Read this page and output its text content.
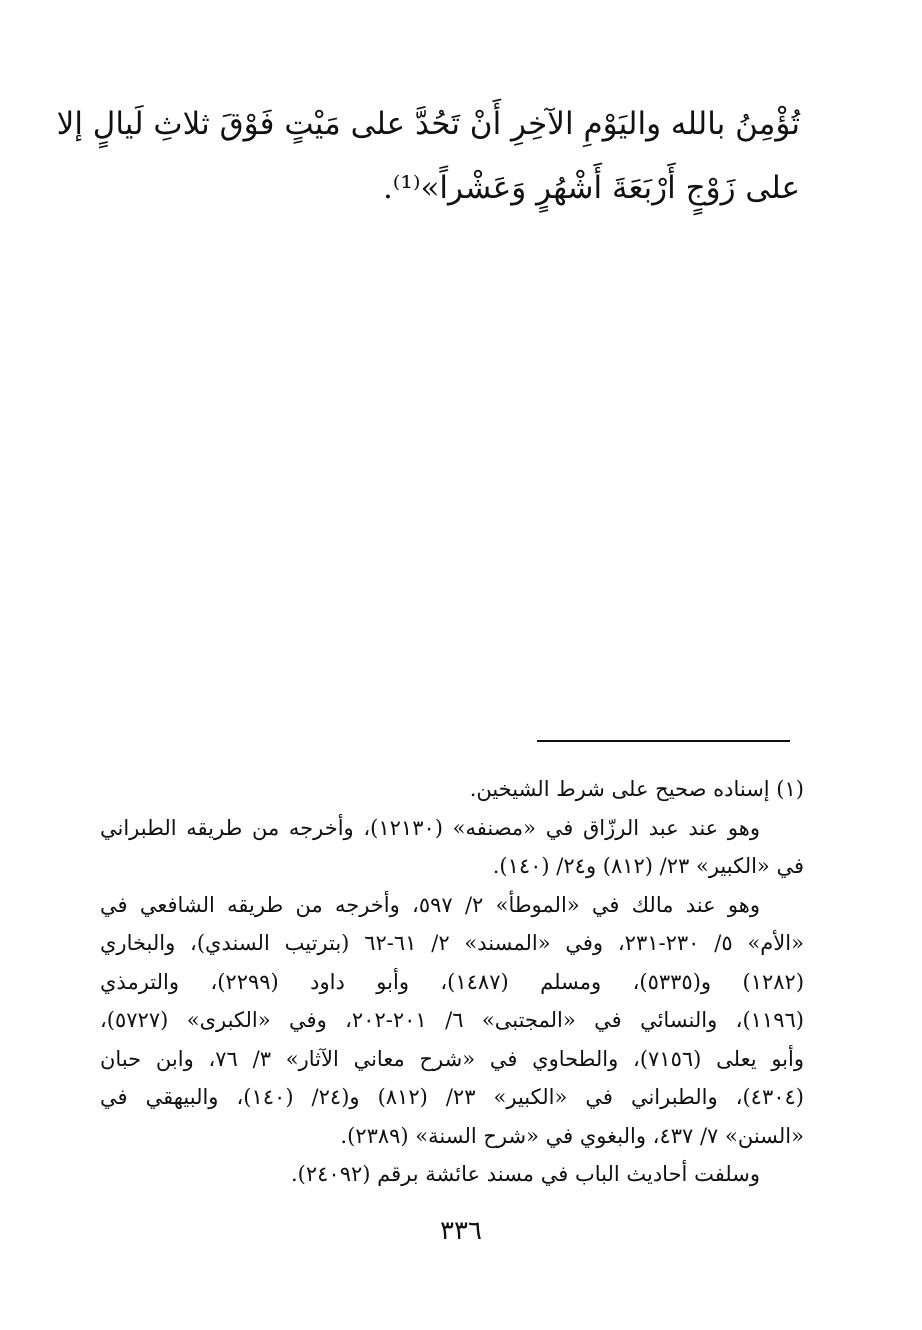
تُؤْمِنُ بالله واليَوْمِ الآخِرِ أَنْ تَحُدَّ على مَيْتٍ فَوْقَ ثلاثِ لَيالٍ إلا
على زَوْجٍ أَرْبَعَةَ أَشْهُرٍ وَعَشْراً»⁽¹⁾.
(١) إسناده صحيح على شرط الشيخين.
وهو عند عبد الرزّاق في «مصنفه» (١٢١٣٠)، وأخرجه من طريقه الطبراني
في «الكبير» ٢٣/ (٨١٢) و٢٤/ (١٤٠).
وهو عند مالك في «الموطأ» ٢/ ٥٩٧، وأخرجه من طريقه الشافعي في
«الأم» ٥/ ٢٣٠-٢٣١، وفي «المسند» ٢/ ٦١-٦٢ (بترتيب السندي)، والبخاري
(١٢٨٢) و(٥٣٣٥)، ومسلم (١٤٨٧)، وأبو داود (٢٢٩٩)، والترمذي
(١١٩٦)، والنسائي في «المجتبى» ٦/ ٢٠١-٢٠٢، وفي «الكبرى» (٥٧٢٧)،
وأبو يعلى (٧١٥٦)، والطحاوي في «شرح معاني الآثار» ٣/ ٧٦، وابن حبان
(٤٣٠٤)، والطبراني في «الكبير» ٢٣/ (٨١٢) و(٢٤/ (١٤٠)، والبيهقي في
«السنن» ٧/ ٤٣٧، والبغوي في «شرح السنة» (٢٣٨٩).
وسلفت أحاديث الباب في مسند عائشة برقم (٢٤٠٩٢).
٣٣٦
